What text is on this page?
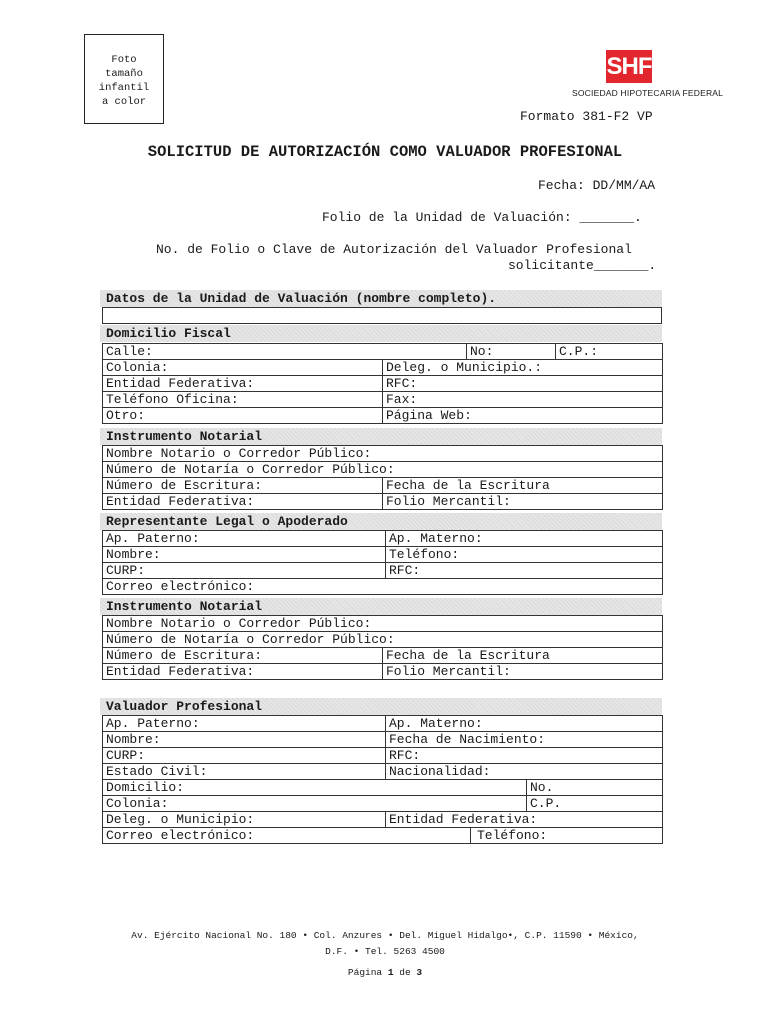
Foto
tamaño
infantil
a color
SHF
SOCIEDAD HIPOTECARIA FEDERAL
Formato 381-F2 VP
SOLICITUD DE AUTORIZACIÓN COMO VALUADOR PROFESIONAL
Fecha: DD/MM/AA
Folio de la Unidad de Valuación: _______.
No. de Folio o Clave de Autorización del Valuador Profesional
solicitante_______.
Datos de la Unidad de Valuación (nombre completo).
Domicilio Fiscal
Calle:		No:	C.P.:
Colonia:	Deleg. o Municipio.:		
Entidad Federativa:	RFC:		
Teléfono Oficina:	Fax:		
Otro:	Página Web:		
Instrumento Notarial
Nombre Notario o Corredor Público:	
Número de Notaría o Corredor Público:	
Número de Escritura:	Fecha de la Escritura
Entidad Federativa:	Folio Mercantil:
Representante Legal o Apoderado
Ap. Paterno:	Ap. Materno:
Nombre:	Teléfono:
CURP:	RFC:
Correo electrónico:	
Instrumento Notarial
Nombre Notario o Corredor Público:	
Número de Notaría o Corredor Público:	
Número de Escritura:	Fecha de la Escritura
Entidad Federativa:	Folio Mercantil:
Valuador Profesional
Ap. Paterno:	Ap. Materno:		
Nombre:	Fecha de Nacimiento:		
CURP:	RFC:		
Estado Civil:	Nacionalidad:		
Domicilio:			No.
Colonia:			C.P.
Deleg. o Municipio:	Entidad Federativa:		
Correo electrónico:		Teléfono:	
Av. Ejército Nacional No. 180 • Col. Anzures • Del. Miguel Hidalgo•, C.P. 11590 • México,
D.F. • Tel. 5263 4500
Página 1 de 3
